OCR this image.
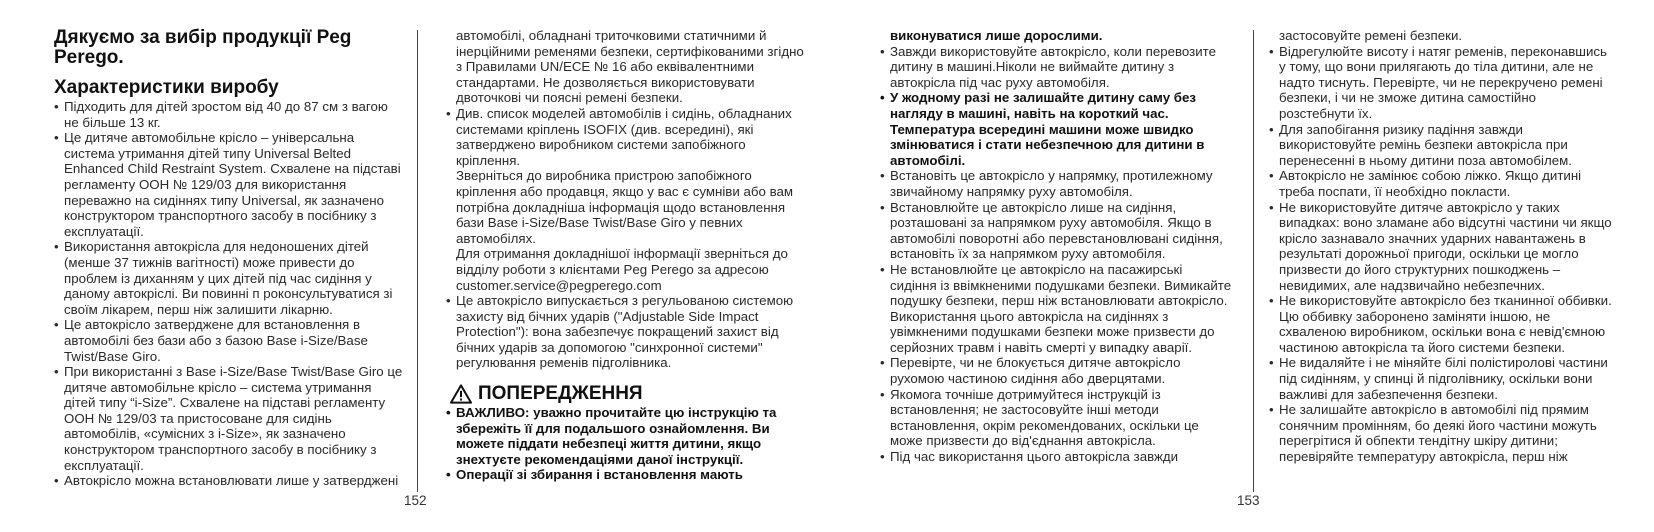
Дякуємо за вибір продукції Peg Perego.
Характеристики виробу
• Підходить для дітей зростом від 40 до 87 см з вагою не більше 13 кг.
• Це дитяче автомобільне крісло – універсальна система утримання дітей типу Universal Belted Enhanced Child Restraint System. Схвалене на підставі регламенту ООН № 129/03 для використання переважно на сидіннях типу Universal, як зазначено конструктором транспортного засобу в посібнику з експлуатації.
• Використання автокрісла для недоношених дітей (менше 37 тижнів вагітності) може привести до проблем із диханням у цих дітей під час сидіння у даному автокріслі. Ви повинні п роконсультуватися зі своїм лікарем, перш ніж залишити лікарню.
• Це автокрісло затверджене для встановлення в автомобілі без бази або з базою Base i-Size/Base Twist/Base Giro.
• При використанні з Base i-Size/Base Twist/Base Giro це дитяче автомобільне крісло – система утримання дітей типу “i-Size”. Схвалене на підставі регламенту ООН № 129/03 та пристосоване для сидінь автомобілів, «сумісних з i-Size», як зазначено конструктором транспортного засобу в посібнику з експлуатації.
• Автокрісло можна встановлювати лише у затверджені

автомобілі, обладнані триточковими статичними й інерційними ременями безпеки, сертифікованими згідно з Правилами UN/ECE № 16 або еквівалентними стандартами. Не дозволяється використовувати двоточкові чи поясні ремені безпеки.

• Див. список моделей автомобілів і сидінь, обладнаних системами кріплень ISOFIX (див. всередині), які затверджено виробником системи запобіжного кріплення.

Зверніться до виробника пристрою запобіжного кріплення або продавця, якщо у вас є сумніви або вам потрібна докладніша інформація щодо встановлення бази Base i-Size/Base Twist/Base Giro у певних автомобілях.

Для отримання докладнішої інформації зверніться до відділу роботи з клієнтами Peg Perego за адресою customer.service@pegperego.com

• Це автокрісло випускається з регульованою системою захисту від бічних ударів ("Adjustable Side Impact Protection"): вона забезпечує покращений захист від бічних ударів за допомогою "синхронної системи" регулювання ременів підголівника.
ПОПЕРЕДЖЕННЯ
• ВАЖЛИВО: уважно прочитайте цю інструкцію та збережіть її для подальшого ознайомлення. Ви можете піддати небезпеці життя дитини, якщо знехтуєте рекомендаціями даної інструкції.
• Операції зі збирання і встановлення мають
152

виконуватися лише дорослими.

• Завжди використовуйте автокрісло, коли перевозите дитину в машині.Ніколи не виймайте дитину з автокрісла під час руху автомобіля.
• У жодному разі не залишайте дитину саму без нагляду в машині, навіть на короткий час. Температура всередині машини може швидко змінюватися і стати небезпечною для дитини в автомобілі.
• Встановіть це автокрісло у напрямку, протилежному звичайному напрямку руху автомобіля.
• Встановлюйте це автокрісло лише на сидіння, розташовані за напрямком руху автомобіля. Якщо в автомобілі поворотні або перевстановлювані сидіння, встановіть їх за напрямком руху автомобіля.
• Не встановлюйте це автокрісло на пасажирські сидіння із ввімкненими подушками безпеки. Вимикайте подушку безпеки, перш ніж встановлювати автокрісло. Використання цього автокрісла на сидіннях з увімкненими подушками безпеки може призвести до серйозних травм і навіть смерті у випадку аварії.
• Перевірте, чи не блокується дитяче автокрісло рухомою частиною сидіння або дверцятами.
• Якомога точніше дотримуйтеся інструкцій із встановлення; не застосовуйте інші методи встановлення, окрім рекомендованих, оскільки це може призвести до від'єднання автокрісла.
• Під час використання цього автокрісла завжди

застосовуйте ремені безпеки.

• Відрегулюйте висоту і натяг ременів, переконавшись у тому, що вони прилягають до тіла дитини, але не надто тиснуть. Перевірте, чи не перекручено ремені безпеки, і чи не зможе дитина самостійно розстебнути їх.
• Для запобігання ризику падіння завжди використовуйте ремінь безпеки автокрісла при перенесенні в ньому дитини поза автомобілем.
• Автокрісло не замінює собою ліжко. Якщо дитині треба поспати, її необхідно покласти.
• Не використовуйте дитяче автокрісло у таких випадках: воно зламане або відсутні частини чи якщо крісло зазнавало значних ударних навантажень в результаті дорожньої пригоди, оскільки це могло призвести до його структурних пошкоджень – невидимих, але надзвичайно небезпечних.
• Не використовуйте автокрісло без тканинної оббивки. Цю оббивку заборонено заміняти іншою, не схваленою виробником, оскільки вона є невід'ємною частиною автокрісла та його системи безпеки.
• Не видаляйте і не міняйте білі полістиролові частини під сидінням, у спинці й підголівнику, оскільки вони важливі для забезпечення безпеки.
• Не залишайте автокрісло в автомобілі під прямим сонячним промінням, бо деякі його частини можуть перегрітися й обпекти тендітну шкіру дитини; перевіряйте температуру автокрісла, перш ніж
153
